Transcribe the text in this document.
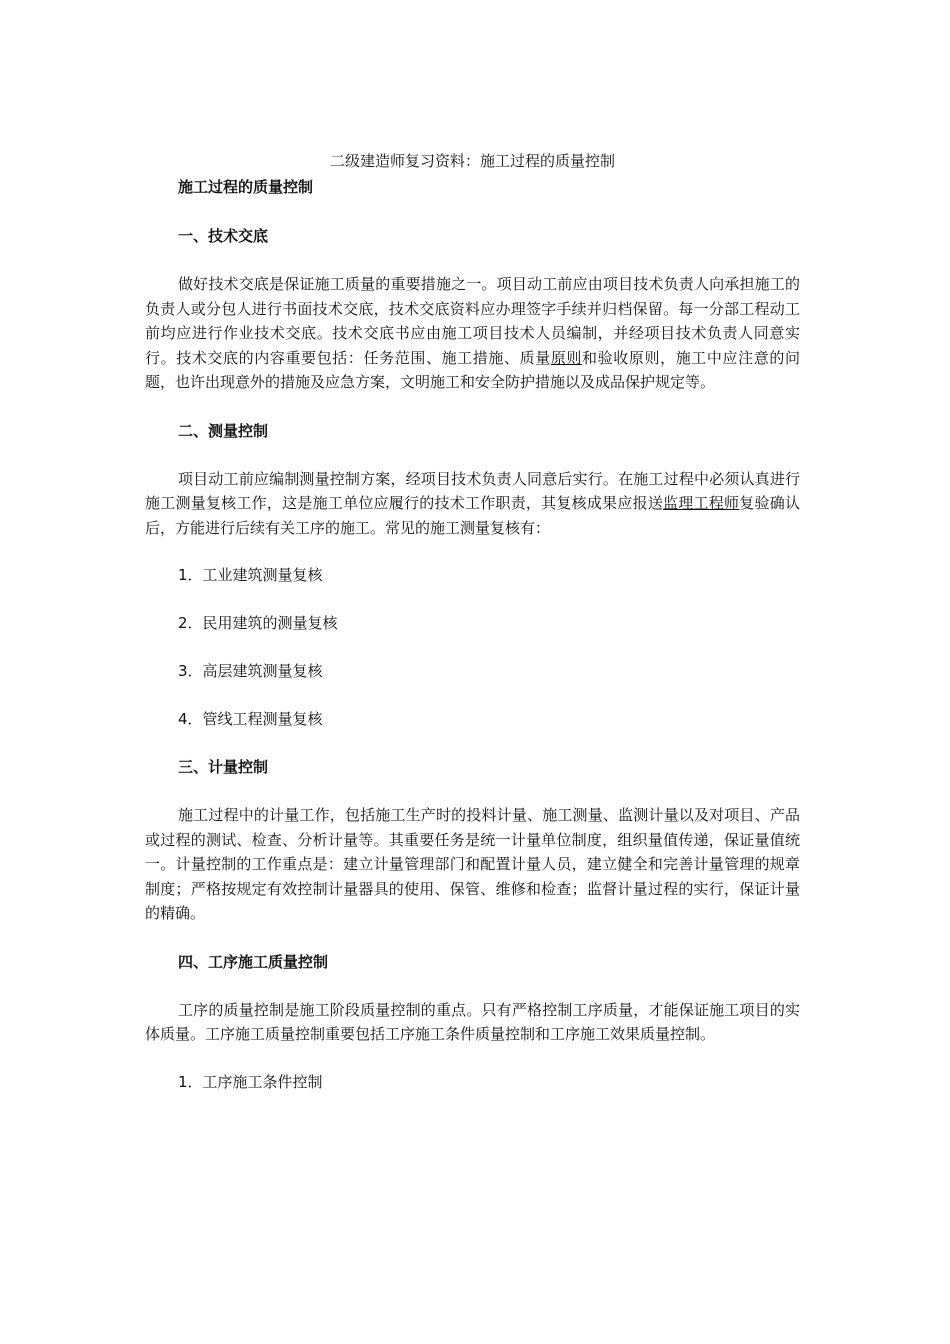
二级建造师复习资料：施工过程的质量控制
施工过程的质量控制
一、技术交底

做好技术交底是保证施工质量的重要措施之一。项目动工前应由项目技术负责人向承担施工的负责人或分包人进行书面技术交底，技术交底资料应办理签字手续并归档保留。每一分部工程动工前均应进行作业技术交底。技术交底书应由施工项目技术人员编制，并经项目技术负责人同意实行。技术交底的内容重要包括：任务范围、施工措施、质量原则和验收原则，施工中应注意的问题，也许出现意外的措施及应急方案，文明施工和安全防护措施以及成品保护规定等。

二、测量控制

项目动工前应编制测量控制方案，经项目技术负责人同意后实行。在施工过程中必须认真进行施工测量复核工作，这是施工单位应履行的技术工作职责，其复核成果应报送监理工程师复验确认后，方能进行后续有关工序的施工。常见的施工测量复核有：

1．工业建筑测量复核

2．民用建筑的测量复核

3．高层建筑测量复核

4．管线工程测量复核

三、计量控制

施工过程中的计量工作，包括施工生产时的投料计量、施工测量、监测计量以及对项目、产品或过程的测试、检查、分析计量等。其重要任务是统一计量单位制度，组织量值传递，保证量值统一。计量控制的工作重点是：建立计量管理部门和配置计量人员，建立健全和完善计量管理的规章制度；严格按规定有效控制计量器具的使用、保管、维修和检查；监督计量过程的实行，保证计量的精确。

四、工序施工质量控制

工序的质量控制是施工阶段质量控制的重点。只有严格控制工序质量，才能保证施工项目的实体质量。工序施工质量控制重要包括工序施工条件质量控制和工序施工效果质量控制。

1．工序施工条件控制
